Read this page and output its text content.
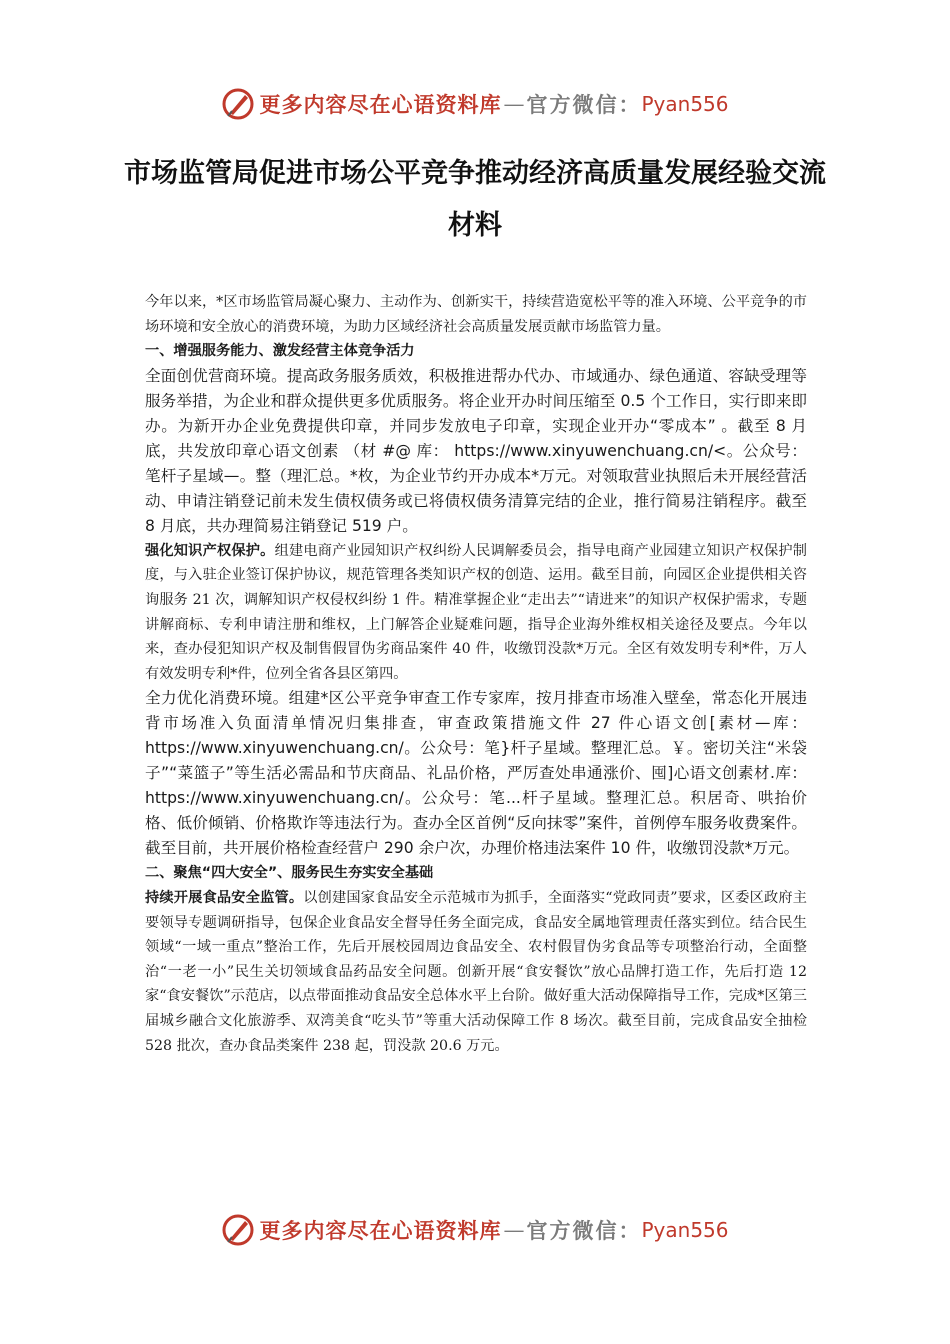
更多内容尽在心语资料库 — 官方微信： Pyan556
市场监管局促进市场公平竞争推动经济高质量发展经验交流材料

今年以来，*区市场监管局凝心聚力、主动作为、创新实干，持续营造宽松平等的准入环境、公平竞争的市场环境和安全放心的消费环境，为助力区域经济社会高质量发展贡献市场监管力量。

一、增强服务能力、激发经营主体竞争活力

全面创优营商环境。提高政务服务质效，积极推进帮办代办、市域通办、绿色通道、容缺受理等服务举措，为企业和群众提供更多优质服务。将企业开办时间压缩至 0.5 个工作日，实行即来即办。为新开办企业免费提供印章，并同步发放电子印章，实现企业开办“零成本” 。截至 8 月底，共发放印章心语文创素 （材 #@ 库： https://www.xinyuwenchuang.cn/<。公众号：笔杆子星域—。整（理汇总。*枚，为企业节约开办成本*万元。对领取营业执照后未开展经营活动、申请注销登记前未发生债权债务或已将债权债务清算完结的企业，推行简易注销程序。截至 8 月底，共办理简易注销登记 519 户。

强化知识产权保护。组建电商产业园知识产权纠纷人民调解委员会，指导电商产业园建立知识产权保护制度，与入驻企业签订保护协议，规范管理各类知识产权的创造、运用。截至目前，向园区企业提供相关咨询服务 21 次，调解知识产权侵权纠纷 1 件。精准掌握企业“走出去”“请进来”的知识产权保护需求，专题讲解商标、专利申请注册和维权，上门解答企业疑难问题，指导企业海外维权相关途径及要点。今年以来，查办侵犯知识产权及制售假冒伪劣商品案件 40 件，收缴罚没款*万元。全区有效发明专利*件，万人有效发明专利*件，位列全省各县区第四。

全力优化消费环境。组建*区公平竞争审查工作专家库，按月排查市场准入壁垒，常态化开展违背市场准入负面清单情况归集排查，审查政策措施文件 27 件心语文创[素材—库：https://www.xinyuwenchuang.cn/。公众号：笔}杆子星域。整理汇总。￥。密切关注“米袋子”“菜篮子”等生活必需品和节庆商品、礼品价格，严厉查处串通涨价、囤]心语文创素材.库：https://www.xinyuwenchuang.cn/。公众号：笔...杆子星域。整理汇总。积居奇、哄抬价格、低价倾销、价格欺诈等违法行为。查办全区首例“反向抹零”案件，首例停车服务收费案件。截至目前，共开展价格检查经营户 290 余户次，办理价格违法案件 10 件，收缴罚没款*万元。

二、聚焦“四大安全”、服务民生夯实安全基础

持续开展食品安全监管。以创建国家食品安全示范城市为抓手，全面落实“党政同责”要求，区委区政府主要领导专题调研指导，包保企业食品安全督导任务全面完成，食品安全属地管理责任落实到位。结合民生领域“一域一重点”整治工作，先后开展校园周边食品安全、农村假冒伪劣食品等专项整治行动，全面整治“一老一小”民生关切领域食品药品安全问题。创新开展“食安餐饮”放心品牌打造工作，先后打造 12 家“食安餐饮”示范店，以点带面推动食品安全总体水平上台阶。做好重大活动保障指导工作，完成*区第三届城乡融合文化旅游季、双湾美食“吃头节”等重大活动保障工作 8 场次。截至目前，完成食品安全抽检 528 批次，查办食品类案件 238 起，罚没款 20.6 万元。

更多内容尽在心语资料库 — 官方微信： Pyan556
